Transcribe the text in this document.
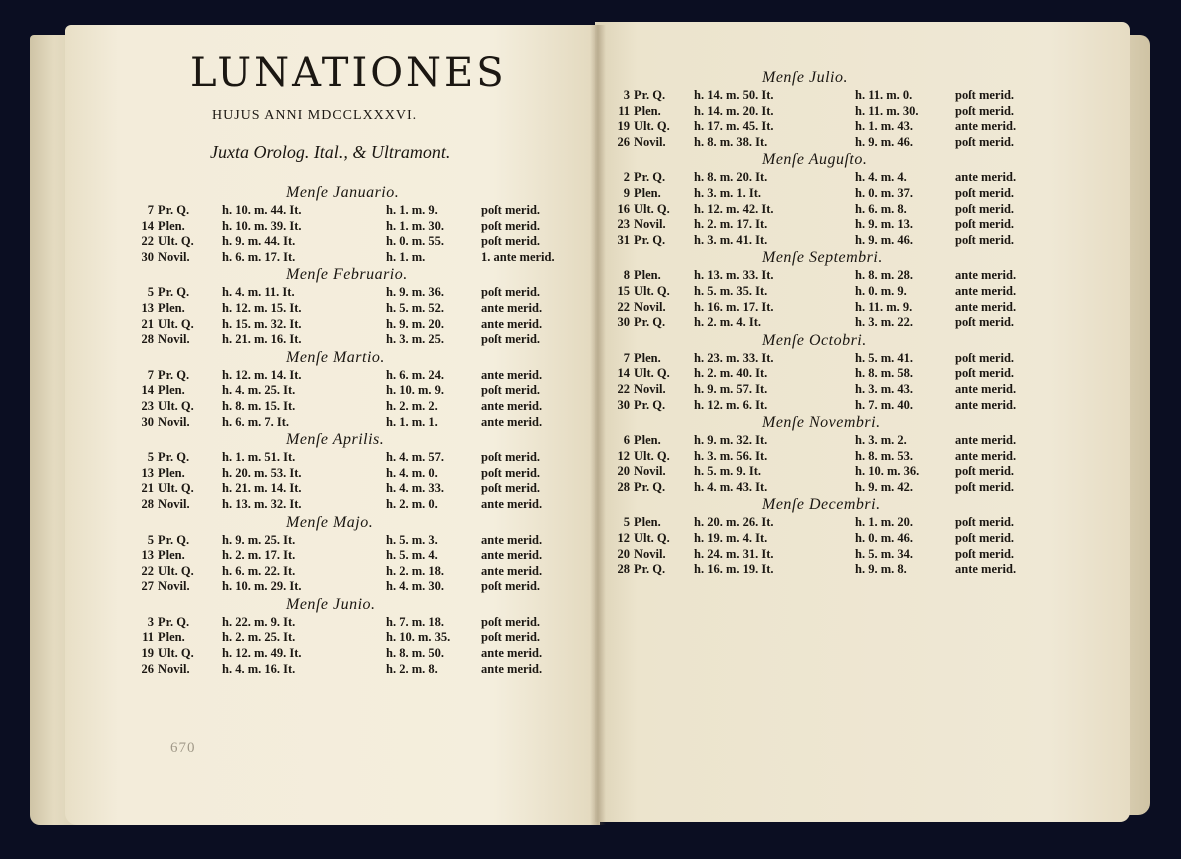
LUNATIONES
HUJUS ANNI MDCCLXXXVI.
Juxta Orolog. Ital., & Ultramont.
Menſe Januario.
7 Pr. Q.	h. 10. m. 44. It.	h. 1. m. 9.	poſt merid.
14 Plen.	h. 10. m. 39. It.	h. 1. m. 30.	poſt merid.
22 Ult. Q. h. 9. m. 44. It.	h. 0. m. 55.	poſt merid.
30 Novil.	h. 6. m. 17. It.	h. 1. m.	1. ante merid.
Menſe Februario.
5 Pr. Q.	h. 4. m. 11. It.	h. 9. m. 36.	poſt merid.
13 Plen.	h. 12. m. 15. It.	h. 5. m. 52.	ante merid.
21 Ult. Q. h. 15. m. 32. It.	h. 9. m. 20.	ante merid.
28 Novil.	h. 21. m. 16. It.	h. 3. m. 25.	poſt merid.
Menſe Martio.
7 Pr. Q.	h. 12. m. 14. It.	h. 6. m. 24.	ante merid.
14 Plen.	h. 4. m. 25. It.	h. 10. m. 9.	poſt merid.
23 Ult. Q. h. 8. m. 15. It.	h. 2. m. 2.	ante merid.
30 Novil.	h. 6. m. 7. It.	h. 1. m. 1.	ante merid.
Menſe Aprilis.
5 Pr. Q.	h. 1. m. 51. It.	h. 4. m. 57.	poſt merid.
13 Plen.	h. 20. m. 53. It.	h. 4. m. 0.	poſt merid.
21 Ult. Q. h. 21. m. 14. It.	h. 4. m. 33.	poſt merid.
28 Novil.	h. 13. m. 32. It.	h. 2. m. 0.	ante merid.
Menſe Majo.
5 Pr. Q.	h. 9. m. 25. It.	h. 5. m. 3.	ante merid.
13 Plen.	h. 2. m. 17. It.	h. 5. m. 4.	ante merid.
22 Ult. Q. h. 6. m. 22. It.	h. 2. m. 18.	ante merid.
27 Novil.	h. 10. m. 29. It.	h. 4. m. 30.	poſt merid.
Menſe Junio.
3 Pr. Q.	h. 22. m. 9. It.	h. 7. m. 18.	poſt merid.
11 Plen.	h. 2. m. 25. It.	h. 10. m. 35. poſt merid.
19 Ult. Q. h. 12. m. 49. It.	h. 8. m. 50.	ante merid.
26 Novil.	h. 4. m. 16. It.	h. 2. m. 8.	ante merid.
Menſe Julio.
3 Pr. Q. h. 14. m. 50. It.	h. 11. m. 0.	poſt merid.
11 Plen.	h. 14. m. 20. It.	h. 11. m. 30.	poſt merid.
19 Ult. Q. h. 17. m. 45. It.	h. 1. m. 43.	ante merid.
26 Novil. h. 8. m. 38. It.	h. 9. m. 46.	poſt merid.
Menſe Auguſto.
2 Pr. Q. h. 8. m. 20. It.	h. 4. m. 4.	ante merid.
9 Plen.	h. 3. m. 1. It.	h. 0. m. 37.	poſt merid.
16 Ult. Q. h. 12. m. 42. It.	h. 6. m. 8.	poſt merid.
23 Novil. h. 2. m. 17. It.	h. 9. m. 13.	poſt merid.
31 Pr. Q. h. 3. m. 41. It.	h. 9. m. 46.	poſt merid.
Menſe Septembri.
8 Plen.	h. 13. m. 33. It.	h. 8. m. 28.	ante merid.
15 Ult. Q. h. 5. m. 35. It.	h. 0. m. 9.	ante merid.
22 Novil. h. 16. m. 17. It.	h. 11. m. 9.	ante merid.
30 Pr. Q. h. 2. m. 4. It.	h. 3. m. 22.	poſt merid.
Menſe Octobri.
7 Plen.	h. 23. m. 33. It.	h. 5. m. 41.	poſt merid.
14 Ult. Q. h. 2. m. 40. It.	h. 8. m. 58.	poſt merid.
22 Novil. h. 9. m. 57. It.	h. 3. m. 43.	ante merid.
30 Pr. Q. h. 12. m. 6. It.	h. 7. m. 40.	ante merid.
Menſe Novembri.
6 Plen.	h. 9. m. 32. It.	h. 3. m. 2.	ante merid.
12 Ult. Q. h. 3. m. 56. It.	h. 8. m. 53.	ante merid.
20 Novil. h. 5. m. 9. It.	h. 10. m. 36.	poſt merid.
28 Pr. Q. h. 4. m. 43. It.	h. 9. m. 42.	poſt merid.
Menſe Decembri.
5 Plen.	h. 20. m. 26. It.	h. 1. m. 20.	poſt merid.
12 Ult. Q. h. 19. m. 4. It.	h. 0. m. 46.	poſt merid.
20 Novil. h. 24. m. 31. It.	h. 5. m. 34.	poſt merid.
28 Pr. Q. h. 16. m. 19. It.	h. 9. m. 8.	ante merid.
670
